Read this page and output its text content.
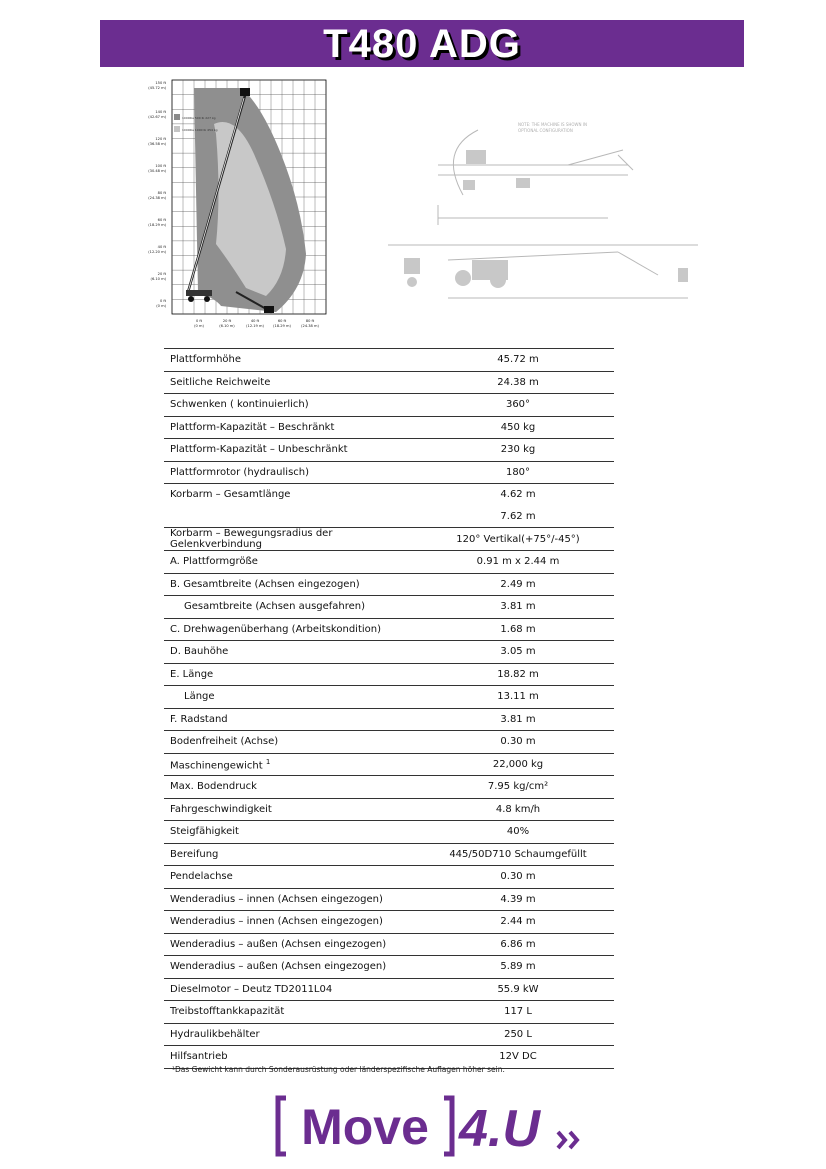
T480 ADG
1000lbs 500 lb 227 kg
1000lbs 1000 lb 454 kg
0 ft
(0 m)
20 ft
(6.10 m)
40 ft
(12.20 m)
60 ft
(18.29 m)
80 ft
(24.38 m)
100 ft
(30.48 m)
120 ft
(36.58 m)
140 ft
(42.67 m)
150 ft
(45.72 m)
0 ft
(0 m)
20 ft
(6.10 m)
40 ft
(12.19 m)
60 ft
(18.29 m)
80 ft
(24.38 m)
NOTE: THE MACHINE IS SHOWN IN
OPTIONAL CONFIGURATION
Plattformhöhe	45.72 m
Seitliche Reichweite	24.38 m
Schwenken ( kontinuierlich)	360°
Plattform-Kapazität – Beschränkt	450 kg
Plattform-Kapazität – Unbeschränkt	230 kg
Plattformrotor (hydraulisch)	180°
Korbarm – Gesamtlänge	4.62 m
	7.62 m
Korbarm – Bewegungsradius der Gelenkverbindung	120° Vertikal(+75°/-45°)
A. Plattformgröße	0.91 m x 2.44 m
B. Gesamtbreite (Achsen eingezogen)	2.49 m
Gesamtbreite (Achsen ausgefahren)	3.81 m
C. Drehwagenüberhang (Arbeitskondition)	1.68 m
D. Bauhöhe	3.05 m
E. Länge	18.82 m
Länge	13.11 m
F. Radstand	3.81 m
Bodenfreiheit (Achse)	0.30 m
Maschinengewicht $^1$	22,000 kg
Max. Bodendruck	7.95 kg/cm²
Fahrgeschwindigkeit	4.8 km/h
Steigfähigkeit	40%
Bereifung	445/50D710 Schaumgefüllt
Pendelachse	0.30 m
Wenderadius – innen (Achsen eingezogen)	4.39 m
Wenderadius – innen (Achsen eingezogen)	2.44 m
Wenderadius – außen (Achsen eingezogen)	6.86 m
Wenderadius – außen (Achsen eingezogen)	5.89 m
Dieselmotor – Deutz TD2011L04	55.9 kW
Treibstofftankkapazität	117 L
Hydraulikbehälter	250 L
Hilfsantrieb	12V DC
¹Das Gewicht kann durch Sonderausrüstung oder länderspezifische Auflagen höher sein.
Move 4.U
